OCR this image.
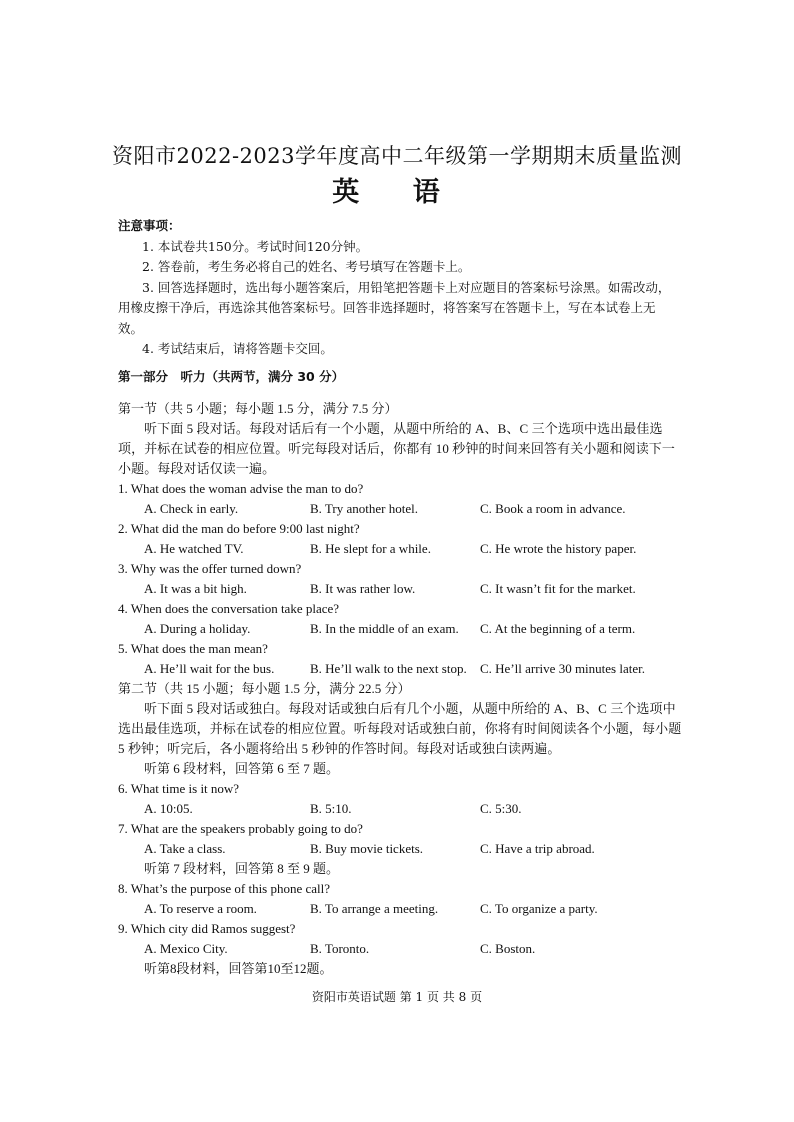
资阳市2022-2023学年度高中二年级第一学期期末质量监测
英 语
注意事项：

1. 本试卷共150分。考试时间120分钟。

2. 答卷前，考生务必将自己的姓名、考号填写在答题卡上。

3. 回答选择题时，选出每小题答案后，用铅笔把答题卡上对应题目的答案标号涂黑。如需改动，用橡皮擦干净后，再选涂其他答案标号。回答非选择题时，将答案写在答题卡上，写在本试卷上无效。

4. 考试结束后，请将答题卡交回。

第一部分　听力（共两节，满分 30 分）

第一节（共 5 小题；每小题 1.5 分，满分 7.5 分）

听下面 5 段对话。每段对话后有一个小题，从题中所给的 A、B、C 三个选项中选出最佳选项，并标在试卷的相应位置。听完每段对话后，你都有 10 秒钟的时间来回答有关小题和阅读下一小题。每段对话仅读一遍。

1. What does the woman advise the man to do?

A. Check in early.	B. Try another hotel.	C. Book a room in advance.

2. What did the man do before 9:00 last night?

A. He watched TV.	B. He slept for a while.	C. He wrote the history paper.

3. Why was the offer turned down?

A. It was a bit high.	B. It was rather low.	C. It wasn’t fit for the market.

4. When does the conversation take place?

A. During a holiday.	B. In the middle of an exam.	C. At the beginning of a term.

5. What does the man mean?

A. He’ll wait for the bus.	B. He’ll walk to the next stop.	C. He’ll arrive 30 minutes later.

第二节（共 15 小题；每小题 1.5 分，满分 22.5 分）

听下面 5 段对话或独白。每段对话或独白后有几个小题，从题中所给的 A、B、C 三个选项中选出最佳选项，并标在试卷的相应位置。听每段对话或独白前，你将有时间阅读各个小题，每小题 5 秒钟；听完后，各小题将给出 5 秒钟的作答时间。每段对话或独白读两遍。

听第 6 段材料，回答第 6 至 7 题。

6. What time is it now?

A. 10:05.	B. 5:10.	C. 5:30.

7. What are the speakers probably going to do?

A. Take a class.	B. Buy movie tickets.	C. Have a trip abroad.

听第 7 段材料，回答第 8 至 9 题。

8. What’s the purpose of this phone call?

A. To reserve a room.	B. To arrange a meeting.	C. To organize a party.

9. Which city did Ramos suggest?

A. Mexico City.	B. Toronto.	C. Boston.

听第8段材料，回答第10至12题。

资阳市英语试题 第 1 页 共 8 页
